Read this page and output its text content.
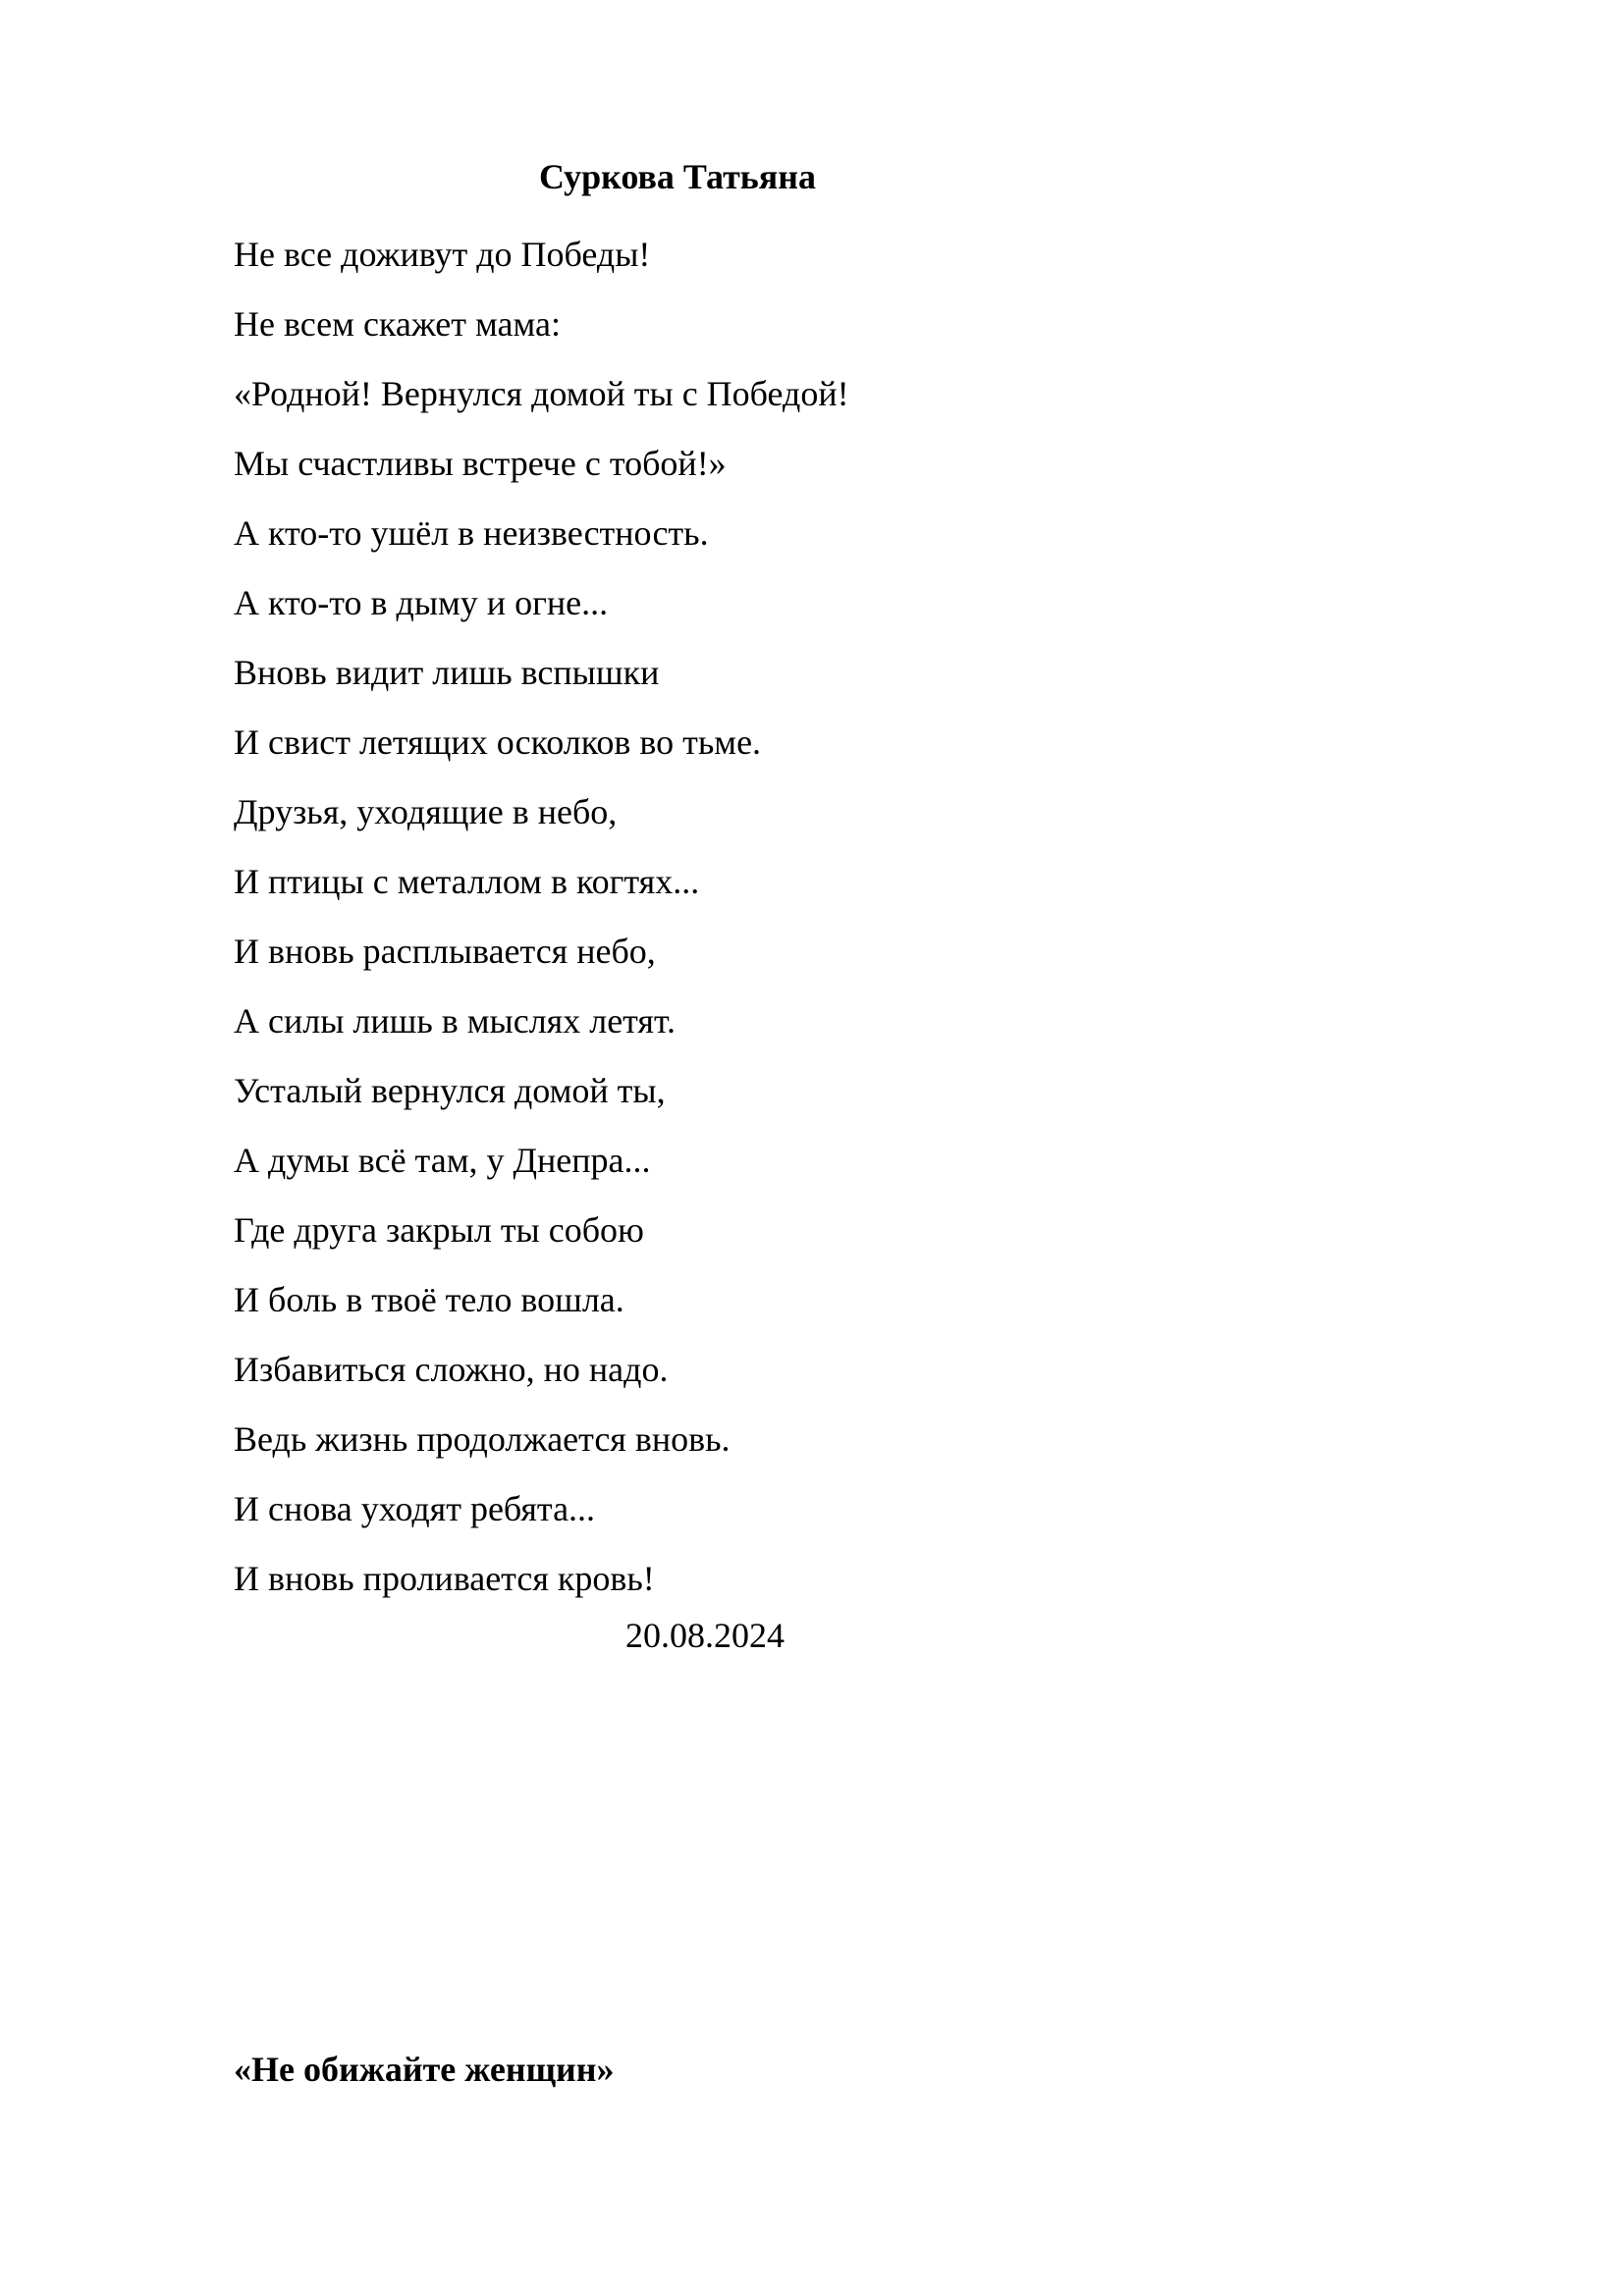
Суркова Татьяна
Не все доживут до Победы!
Не всем скажет мама:
«Родной! Вернулся домой ты с Победой!
Мы счастливы встрече с тобой!»
А кто-то ушёл в неизвестность.
А кто-то в дыму и огне...
Вновь видит лишь вспышки
И свист летящих осколков во тьме.
Друзья, уходящие в небо,
И птицы с металлом в когтях...
И вновь расплывается небо,
А силы лишь в мыслях летят.
Усталый вернулся домой ты,
А думы всё там, у Днепра...
Где друга закрыл ты собою
И боль в твоё тело вошла.
Избавиться сложно, но надо.
Ведь жизнь продолжается вновь.
И снова уходят ребята...
И вновь проливается кровь!
20.08.2024
«Не обижайте женщин»
